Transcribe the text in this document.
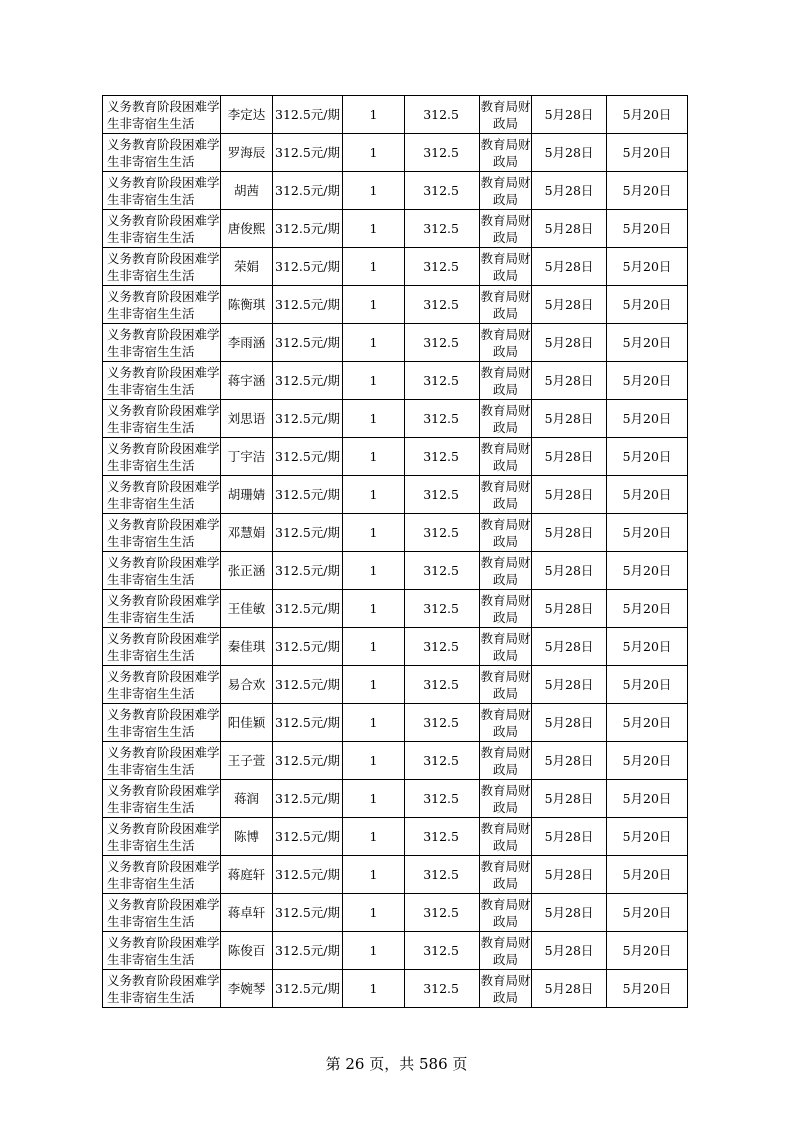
义务教育阶段困难学生非寄宿生生活	李定达	312.5元/期	1	312.5	教育局财政局	5月28日	5月20日
义务教育阶段困难学生非寄宿生生活	罗海辰	312.5元/期	1	312.5	教育局财政局	5月28日	5月20日
义务教育阶段困难学生非寄宿生生活	胡茜	312.5元/期	1	312.5	教育局财政局	5月28日	5月20日
义务教育阶段困难学生非寄宿生生活	唐俊熙	312.5元/期	1	312.5	教育局财政局	5月28日	5月20日
义务教育阶段困难学生非寄宿生生活	荣娟	312.5元/期	1	312.5	教育局财政局	5月28日	5月20日
义务教育阶段困难学生非寄宿生生活	陈衡琪	312.5元/期	1	312.5	教育局财政局	5月28日	5月20日
义务教育阶段困难学生非寄宿生生活	李雨涵	312.5元/期	1	312.5	教育局财政局	5月28日	5月20日
义务教育阶段困难学生非寄宿生生活	蒋宇涵	312.5元/期	1	312.5	教育局财政局	5月28日	5月20日
义务教育阶段困难学生非寄宿生生活	刘思语	312.5元/期	1	312.5	教育局财政局	5月28日	5月20日
义务教育阶段困难学生非寄宿生生活	丁宇洁	312.5元/期	1	312.5	教育局财政局	5月28日	5月20日
义务教育阶段困难学生非寄宿生生活	胡珊婧	312.5元/期	1	312.5	教育局财政局	5月28日	5月20日
义务教育阶段困难学生非寄宿生生活	邓慧娟	312.5元/期	1	312.5	教育局财政局	5月28日	5月20日
义务教育阶段困难学生非寄宿生生活	张正涵	312.5元/期	1	312.5	教育局财政局	5月28日	5月20日
义务教育阶段困难学生非寄宿生生活	王佳敏	312.5元/期	1	312.5	教育局财政局	5月28日	5月20日
义务教育阶段困难学生非寄宿生生活	秦佳琪	312.5元/期	1	312.5	教育局财政局	5月28日	5月20日
义务教育阶段困难学生非寄宿生生活	易合欢	312.5元/期	1	312.5	教育局财政局	5月28日	5月20日
义务教育阶段困难学生非寄宿生生活	阳佳颖	312.5元/期	1	312.5	教育局财政局	5月28日	5月20日
义务教育阶段困难学生非寄宿生生活	王子萱	312.5元/期	1	312.5	教育局财政局	5月28日	5月20日
义务教育阶段困难学生非寄宿生生活	蒋润	312.5元/期	1	312.5	教育局财政局	5月28日	5月20日
义务教育阶段困难学生非寄宿生生活	陈博	312.5元/期	1	312.5	教育局财政局	5月28日	5月20日
义务教育阶段困难学生非寄宿生生活	蒋庭轩	312.5元/期	1	312.5	教育局财政局	5月28日	5月20日
义务教育阶段困难学生非寄宿生生活	蒋卓轩	312.5元/期	1	312.5	教育局财政局	5月28日	5月20日
义务教育阶段困难学生非寄宿生生活	陈俊百	312.5元/期	1	312.5	教育局财政局	5月28日	5月20日
义务教育阶段困难学生非寄宿生生活	李婉琴	312.5元/期	1	312.5	教育局财政局	5月28日	5月20日
第 26 页，共 586 页
